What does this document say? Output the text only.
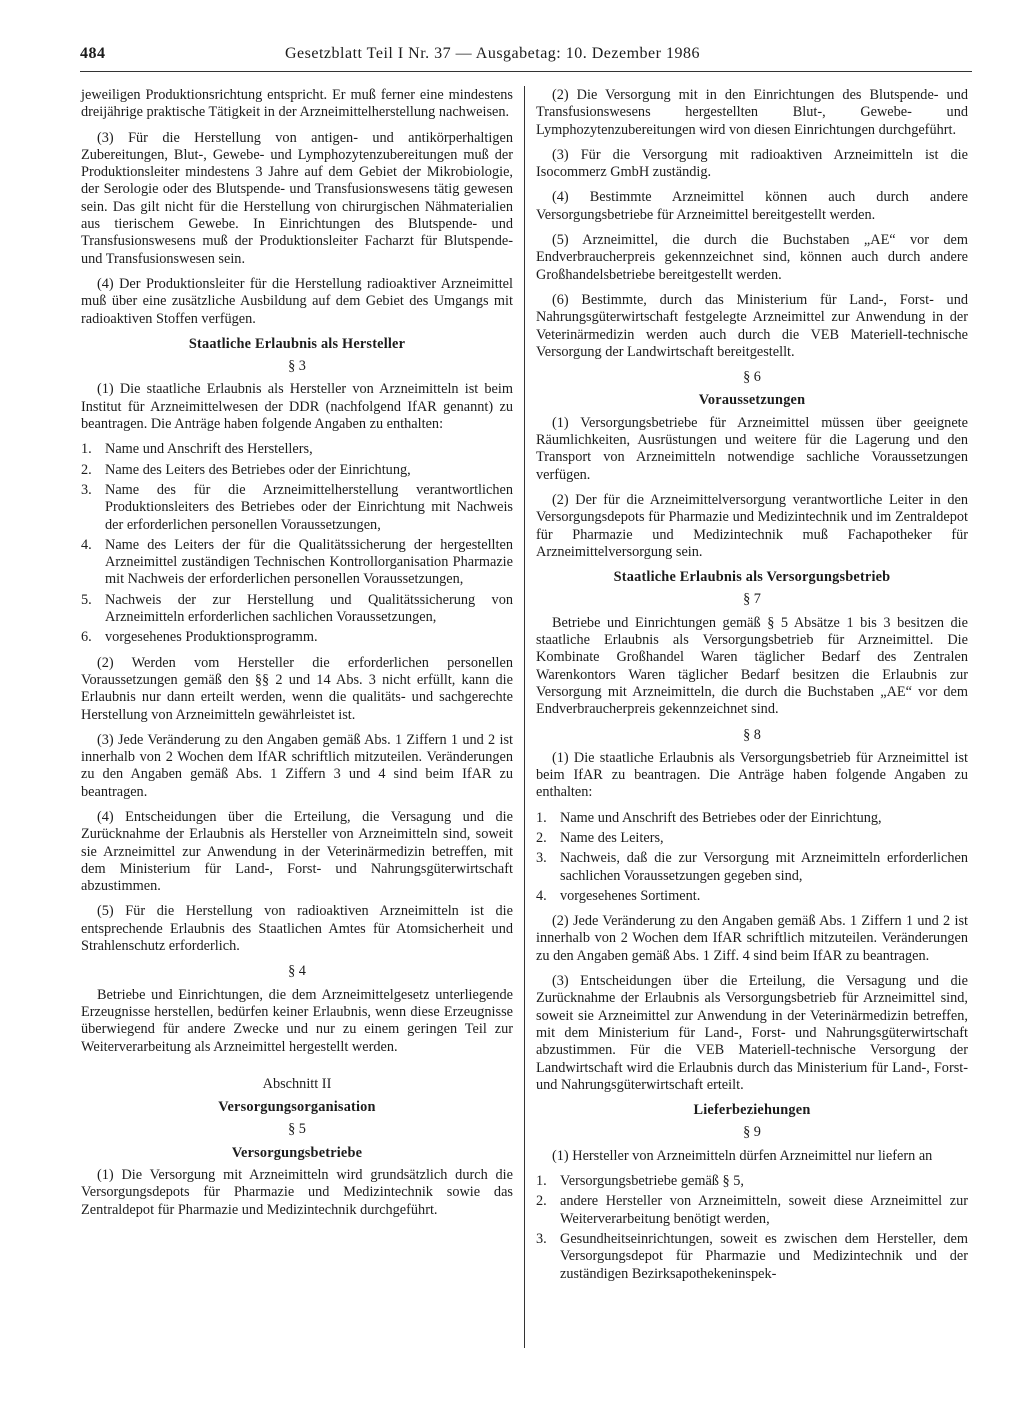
484	Gesetzblatt Teil I Nr. 37 — Ausgabetag: 10. Dezember 1986

jeweiligen Produktionsrichtung entspricht. Er muß ferner eine mindestens dreijährige praktische Tätigkeit in der Arzneimittelherstellung nachweisen.

(3) Für die Herstellung von antigen- und antikörperhaltigen Zubereitungen, Blut-, Gewebe- und Lymphozytenzubereitungen muß der Produktionsleiter mindestens 3 Jahre auf dem Gebiet der Mikrobiologie, der Serologie oder des Blutspende- und Transfusionswesens tätig gewesen sein. Das gilt nicht für die Herstellung von chirurgischen Nähmaterialien aus tierischem Gewebe. In Einrichtungen des Blutspende- und Transfusionswesens muß der Produktionsleiter Facharzt für Blutspende- und Transfusionswesen sein.

(4) Der Produktionsleiter für die Herstellung radioaktiver Arzneimittel muß über eine zusätzliche Ausbildung auf dem Gebiet des Umgangs mit radioaktiven Stoffen verfügen.

Staatliche Erlaubnis als Hersteller
§ 3

(1) Die staatliche Erlaubnis als Hersteller von Arzneimitteln ist beim Institut für Arzneimittelwesen der DDR (nachfolgend IfAR genannt) zu beantragen. Die Anträge haben folgende Angaben zu enthalten:

1. Name und Anschrift des Herstellers,
2. Name des Leiters des Betriebes oder der Einrichtung,
3. Name des für die Arzneimittelherstellung verantwortlichen Produktionsleiters des Betriebes oder der Einrichtung mit Nachweis der erforderlichen personellen Voraussetzungen,
4. Name des Leiters der für die Qualitätssicherung der hergestellten Arzneimittel zuständigen Technischen Kontrollorganisation Pharmazie mit Nachweis der erforderlichen personellen Voraussetzungen,
5. Nachweis der zur Herstellung und Qualitätssicherung von Arzneimitteln erforderlichen sachlichen Voraussetzungen,
6. vorgesehenes Produktionsprogramm.

(2) Werden vom Hersteller die erforderlichen personellen Voraussetzungen gemäß den §§ 2 und 14 Abs. 3 nicht erfüllt, kann die Erlaubnis nur dann erteilt werden, wenn die qualitäts- und sachgerechte Herstellung von Arzneimitteln gewährleistet ist.

(3) Jede Veränderung zu den Angaben gemäß Abs. 1 Ziffern 1 und 2 ist innerhalb von 2 Wochen dem IfAR schriftlich mitzuteilen. Veränderungen zu den Angaben gemäß Abs. 1 Ziffern 3 und 4 sind beim IfAR zu beantragen.

(4) Entscheidungen über die Erteilung, die Versagung und die Zurücknahme der Erlaubnis als Hersteller von Arzneimitteln sind, soweit sie Arzneimittel zur Anwendung in der Veterinärmedizin betreffen, mit dem Ministerium für Land-, Forst- und Nahrungsgüterwirtschaft abzustimmen.

(5) Für die Herstellung von radioaktiven Arzneimitteln ist die entsprechende Erlaubnis des Staatlichen Amtes für Atomsicherheit und Strahlenschutz erforderlich.

§ 4

Betriebe und Einrichtungen, die dem Arzneimittelgesetz unterliegende Erzeugnisse herstellen, bedürfen keiner Erlaubnis, wenn diese Erzeugnisse überwiegend für andere Zwecke und nur zu einem geringen Teil zur Weiterverarbeitung als Arzneimittel hergestellt werden.

Abschnitt II
Versorgungsorganisation
§ 5
Versorgungsbetriebe

(1) Die Versorgung mit Arzneimitteln wird grundsätzlich durch die Versorgungsdepots für Pharmazie und Medizintechnik sowie das Zentraldepot für Pharmazie und Medizintechnik durchgeführt.

(2) Die Versorgung mit in den Einrichtungen des Blutspende- und Transfusionswesens hergestellten Blut-, Gewebe- und Lymphozytenzubereitungen wird von diesen Einrichtungen durchgeführt.

(3) Für die Versorgung mit radioaktiven Arzneimitteln ist die Isocommerz GmbH zuständig.

(4) Bestimmte Arzneimittel können auch durch andere Versorgungsbetriebe für Arzneimittel bereitgestellt werden.

(5) Arzneimittel, die durch die Buchstaben „AE“ vor dem Endverbraucherpreis gekennzeichnet sind, können auch durch andere Großhandelsbetriebe bereitgestellt werden.

(6) Bestimmte, durch das Ministerium für Land-, Forst- und Nahrungsgüterwirtschaft festgelegte Arzneimittel zur Anwendung in der Veterinärmedizin werden auch durch die VEB Materiell-technische Versorgung der Landwirtschaft bereitgestellt.

§ 6
Voraussetzungen

(1) Versorgungsbetriebe für Arzneimittel müssen über geeignete Räumlichkeiten, Ausrüstungen und weitere für die Lagerung und den Transport von Arzneimitteln notwendige sachliche Voraussetzungen verfügen.

(2) Der für die Arzneimittelversorgung verantwortliche Leiter in den Versorgungsdepots für Pharmazie und Medizintechnik und im Zentraldepot für Pharmazie und Medizintechnik muß Fachapotheker für Arzneimittelversorgung sein.

Staatliche Erlaubnis als Versorgungsbetrieb
§ 7

Betriebe und Einrichtungen gemäß § 5 Absätze 1 bis 3 besitzen die staatliche Erlaubnis als Versorgungsbetrieb für Arzneimittel. Die Kombinate Großhandel Waren täglicher Bedarf des Zentralen Warenkontors Waren täglicher Bedarf besitzen die Erlaubnis zur Versorgung mit Arzneimitteln, die durch die Buchstaben „AE“ vor dem Endverbraucherpreis gekennzeichnet sind.

§ 8

(1) Die staatliche Erlaubnis als Versorgungsbetrieb für Arzneimittel ist beim IfAR zu beantragen. Die Anträge haben folgende Angaben zu enthalten:

1. Name und Anschrift des Betriebes oder der Einrichtung,
2. Name des Leiters,
3. Nachweis, daß die zur Versorgung mit Arzneimitteln erforderlichen sachlichen Voraussetzungen gegeben sind,
4. vorgesehenes Sortiment.

(2) Jede Veränderung zu den Angaben gemäß Abs. 1 Ziffern 1 und 2 ist innerhalb von 2 Wochen dem IfAR schriftlich mitzuteilen. Veränderungen zu den Angaben gemäß Abs. 1 Ziff. 4 sind beim IfAR zu beantragen.

(3) Entscheidungen über die Erteilung, die Versagung und die Zurücknahme der Erlaubnis als Versorgungsbetrieb für Arzneimittel sind, soweit sie Arzneimittel zur Anwendung in der Veterinärmedizin betreffen, mit dem Ministerium für Land-, Forst- und Nahrungsgüterwirtschaft abzustimmen. Für die VEB Materiell-technische Versorgung der Landwirtschaft wird die Erlaubnis durch das Ministerium für Land-, Forst- und Nahrungsgüterwirtschaft erteilt.

Lieferbeziehungen
§ 9

(1) Hersteller von Arzneimitteln dürfen Arzneimittel nur liefern an

1. Versorgungsbetriebe gemäß § 5,
2. andere Hersteller von Arzneimitteln, soweit diese Arzneimittel zur Weiterverarbeitung benötigt werden,
3. Gesundheitseinrichtungen, soweit es zwischen dem Hersteller, dem Versorgungsdepot für Pharmazie und Medizintechnik und der zuständigen Bezirksapothekeninspek-
